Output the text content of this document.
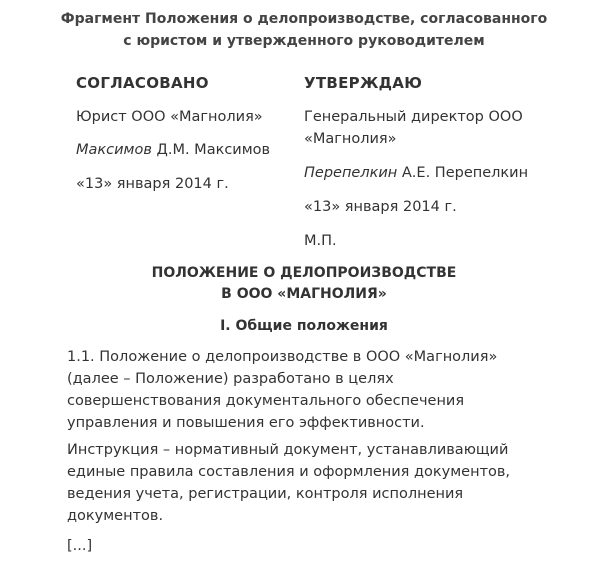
Фрагмент Положения о делопроизводстве, согласованного
с юристом и утвержденного руководителем
СОГЛАСОВАНО
Юрист ООО «Магнолия»
Максимов Д.М. Максимов
«13» января 2014 г.
УТВЕРЖДАЮ
Генеральный директор ООО
«Магнолия»
Перепелкин А.Е. Перепелкин
«13» января 2014 г.
М.П.
ПОЛОЖЕНИЕ О ДЕЛОПРОИЗВОДСТВЕ
В ООО «МАГНОЛИЯ»
I. Общие положения
1.1. Положение о делопроизводстве в ООО «Магнолия»
(далее – Положение) разработано в целях
совершенствования документального обеспечения
управления и повышения его эффективности.
Инструкция – нормативный документ, устанавливающий
единые правила составления и оформления документов,
ведения учета, регистрации, контроля исполнения
документов.
[...]
